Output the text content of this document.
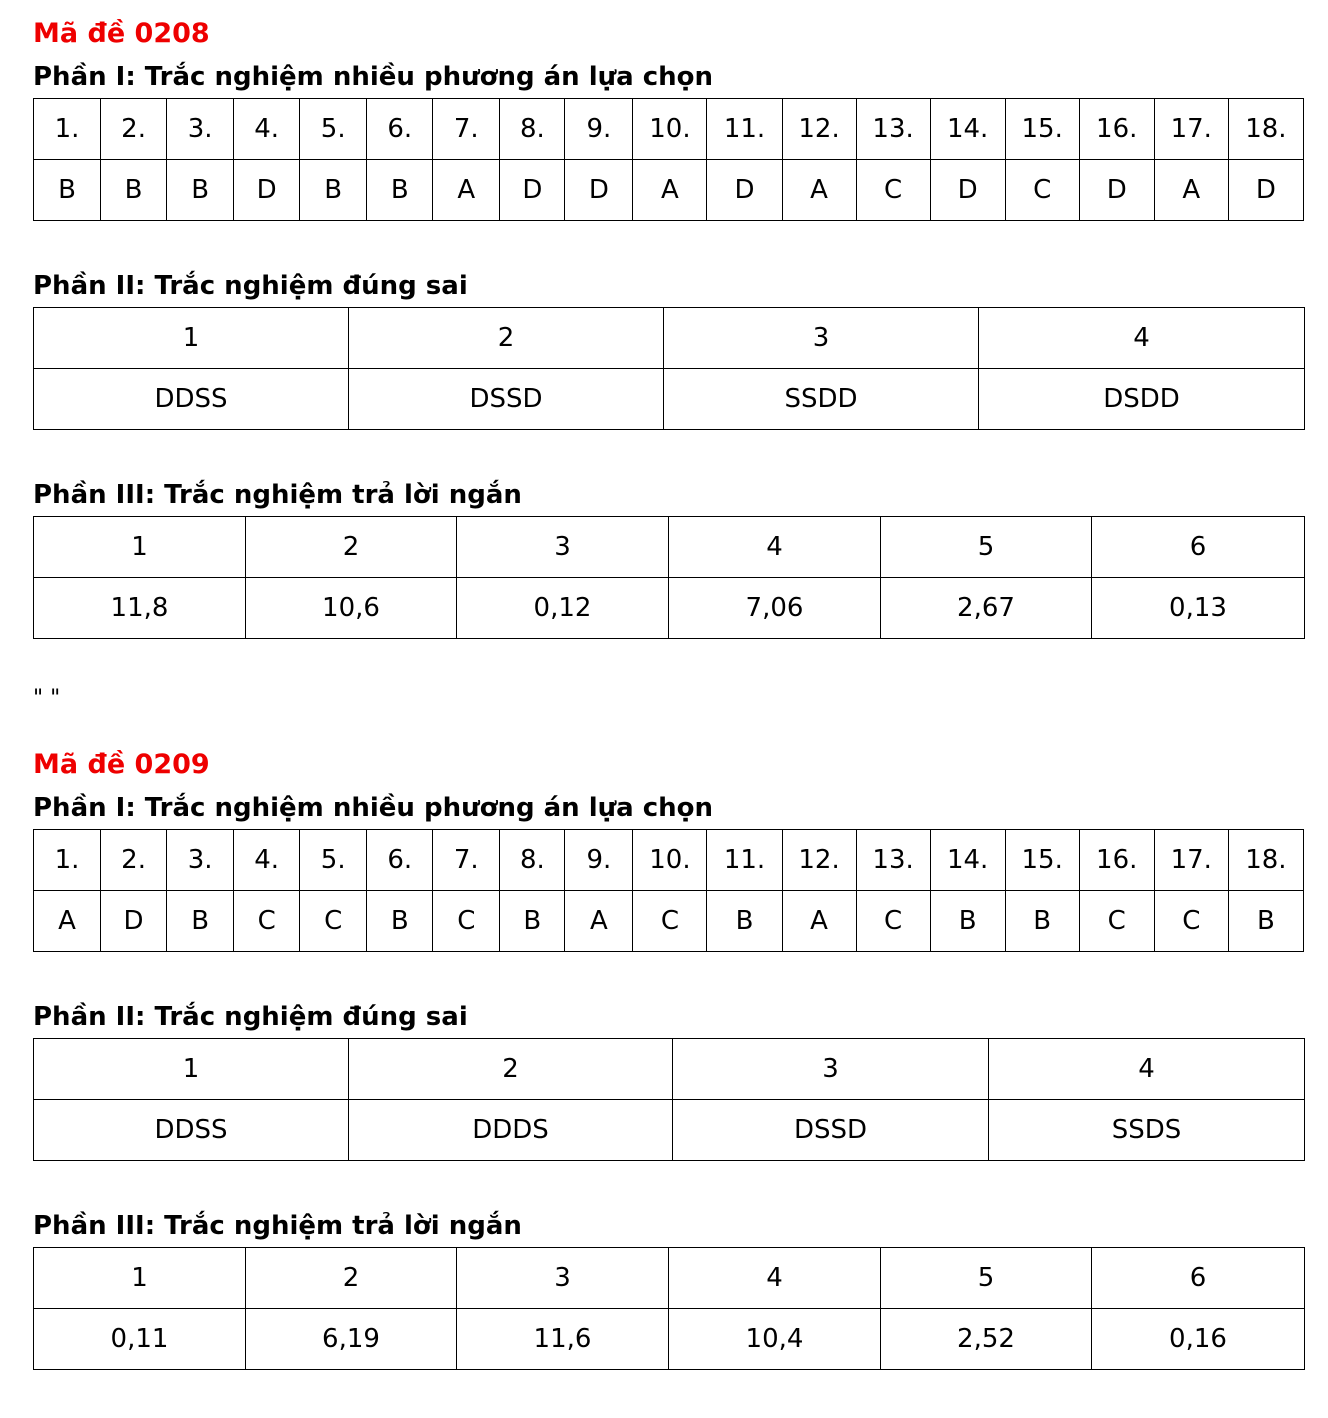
Mã đề 0208
Phần I: Trắc nghiệm nhiều phương án lựa chọn
1.	2.	3.	4.	5.	6.	7.	8.	9.	10.	11.	12.	13.	14.	15.	16.	17.	18.
B	B	B	D	B	B	A	D	D	A	D	A	C	D	C	D	A	D
Phần II: Trắc nghiệm đúng sai
1	2	3	4
DDSS	DSSD	SSDD	DSDD
Phần III: Trắc nghiệm trả lời ngắn
1	2	3	4	5	6
11,8	10,6	0,12	7,06	2,67	0,13
" "
Mã đề 0209
Phần I: Trắc nghiệm nhiều phương án lựa chọn
1.	2.	3.	4.	5.	6.	7.	8.	9.	10.	11.	12.	13.	14.	15.	16.	17.	18.
A	D	B	C	C	B	C	B	A	C	B	A	C	B	B	C	C	B
Phần II: Trắc nghiệm đúng sai
1	2	3	4
DDSS	DDDS	DSSD	SSDS
Phần III: Trắc nghiệm trả lời ngắn
1	2	3	4	5	6
0,11	6,19	11,6	10,4	2,52	0,16
